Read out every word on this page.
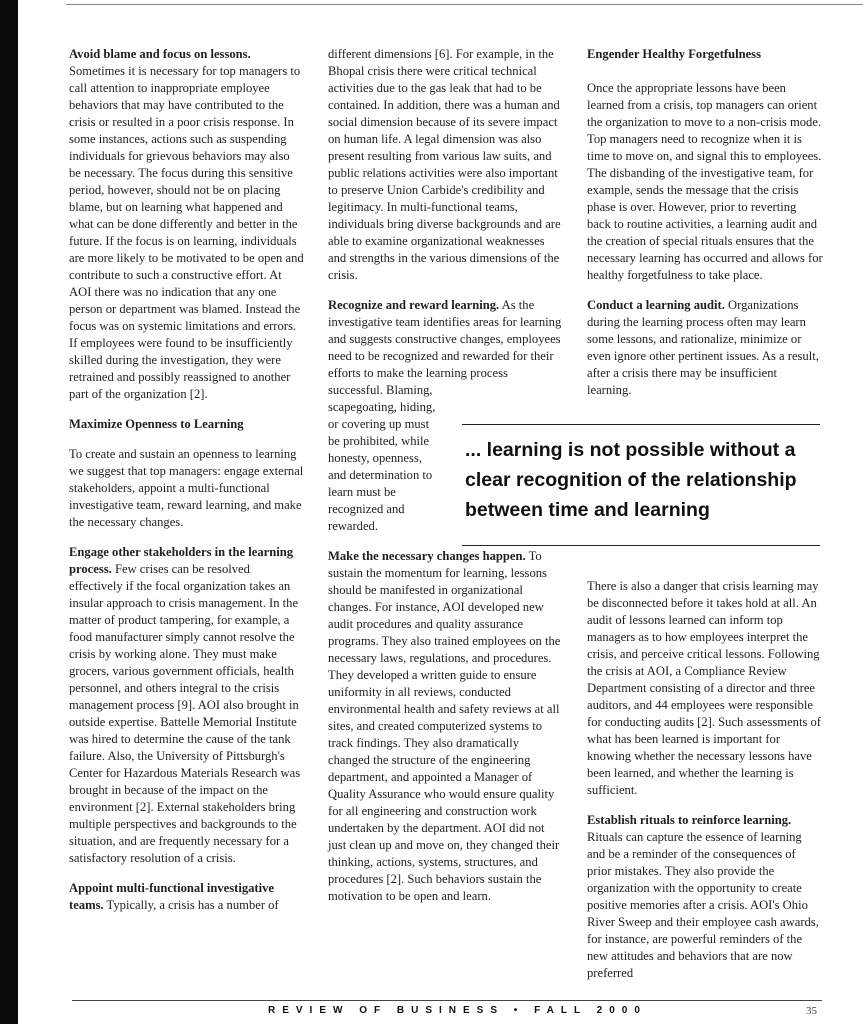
Avoid blame and focus on lessons.
Sometimes it is necessary for top managers to call attention to inappropriate employee behaviors that may have contributed to the crisis or resulted in a poor crisis response. In some instances, actions such as suspending individuals for grievous behaviors may also be necessary. The focus during this sensitive period, however, should not be on placing blame, but on learning what happened and what can be done differently and better in the future. If the focus is on learning, individuals are more likely to be motivated to be open and contribute to such a constructive effort. At AOI there was no indication that any one person or department was blamed. Instead the focus was on systemic limitations and errors. If employees were found to be insufficiently skilled during the investigation, they were retrained and possibly reassigned to another part of the organization [2].

Maximize Openness to Learning

To create and sustain an openness to learning we suggest that top managers: engage external stakeholders, appoint a multi-functional investigative team, reward learning, and make the necessary changes.

Engage other stakeholders in the learning process. Few crises can be resolved effectively if the focal organization takes an insular approach to crisis management. In the matter of product tampering, for example, a food manufacturer simply cannot resolve the crisis by working alone. They must make grocers, various government officials, health personnel, and others integral to the crisis management process [9]. AOI also brought in outside expertise. Battelle Memorial Institute was hired to determine the cause of the tank failure. Also, the University of Pittsburgh's Center for Hazardous Materials Research was brought in because of the impact on the environment [2]. External stakeholders bring multiple perspectives and backgrounds to the situation, and are frequently necessary for a satisfactory resolution of a crisis.

Appoint multi-functional investigative teams. Typically, a crisis has a number of

different dimensions [6]. For example, in the Bhopal crisis there were critical technical activities due to the gas leak that had to be contained. In addition, there was a human and social dimension because of its severe impact on human life. A legal dimension was also present resulting from various law suits, and public relations activities were also important to preserve Union Carbide's credibility and legitimacy. In multi-functional teams, individuals bring diverse backgrounds and are able to examine organizational weaknesses and strengths in the various dimensions of the crisis.

Recognize and reward learning. As the investigative team identifies areas for learning and suggests constructive changes, employees need to be recognized and rewarded for their efforts to make the learning process

successful. Blaming, scapegoating, hiding, or covering up must be prohibited, while honesty, openness, and determination to learn must be recognized and rewarded.

Make the necessary changes happen. To sustain the momentum for learning, lessons should be manifested in organizational changes. For instance, AOI developed new audit procedures and quality assurance programs. They also trained employees on the necessary laws, regulations, and procedures. They developed a written guide to ensure uniformity in all reviews, conducted environmental health and safety reviews at all sites, and created computerized systems to track findings. They also dramatically changed the structure of the engineering department, and appointed a Manager of Quality Assurance who would ensure quality for all engineering and construction work undertaken by the department. AOI did not just clean up and move on, they changed their thinking, actions, systems, structures, and procedures [2]. Such behaviors sustain the motivation to be open and learn.

Engender Healthy Forgetfulness

Once the appropriate lessons have been learned from a crisis, top managers can orient the organization to move to a non-crisis mode. Top managers need to recognize when it is time to move on, and signal this to employees. The disbanding of the investigative team, for example, sends the message that the crisis phase is over. However, prior to reverting back to routine activities, a learning audit and the creation of special rituals ensures that the necessary learning has occurred and allows for healthy forgetfulness to take place.

Conduct a learning audit. Organizations during the learning process often may learn some lessons, and rationalize, minimize or even ignore other pertinent issues. As a result, after a crisis there may be insufficient learning.

There is also a danger that crisis learning may be disconnected before it takes hold at all. An audit of lessons learned can inform top managers as to how employees interpret the crisis, and perceive critical lessons. Following the crisis at AOI, a Compliance Review Department consisting of a director and three auditors, and 44 employees were responsible for conducting audits [2]. Such assessments of what has been learned is important for knowing whether the necessary lessons have been learned, and whether the learning is sufficient.

Establish rituals to reinforce learning.
Rituals can capture the essence of learning and be a reminder of the consequences of prior mistakes. They also provide the organization with the opportunity to create positive memories after a crisis. AOI's Ohio River Sweep and their employee cash awards, for instance, are powerful reminders of the new attitudes and behaviors that are now preferred

... learning is not possible without a clear recognition of the relationship between time and learning
REVIEW OF BUSINESS • FALL 2000	35
